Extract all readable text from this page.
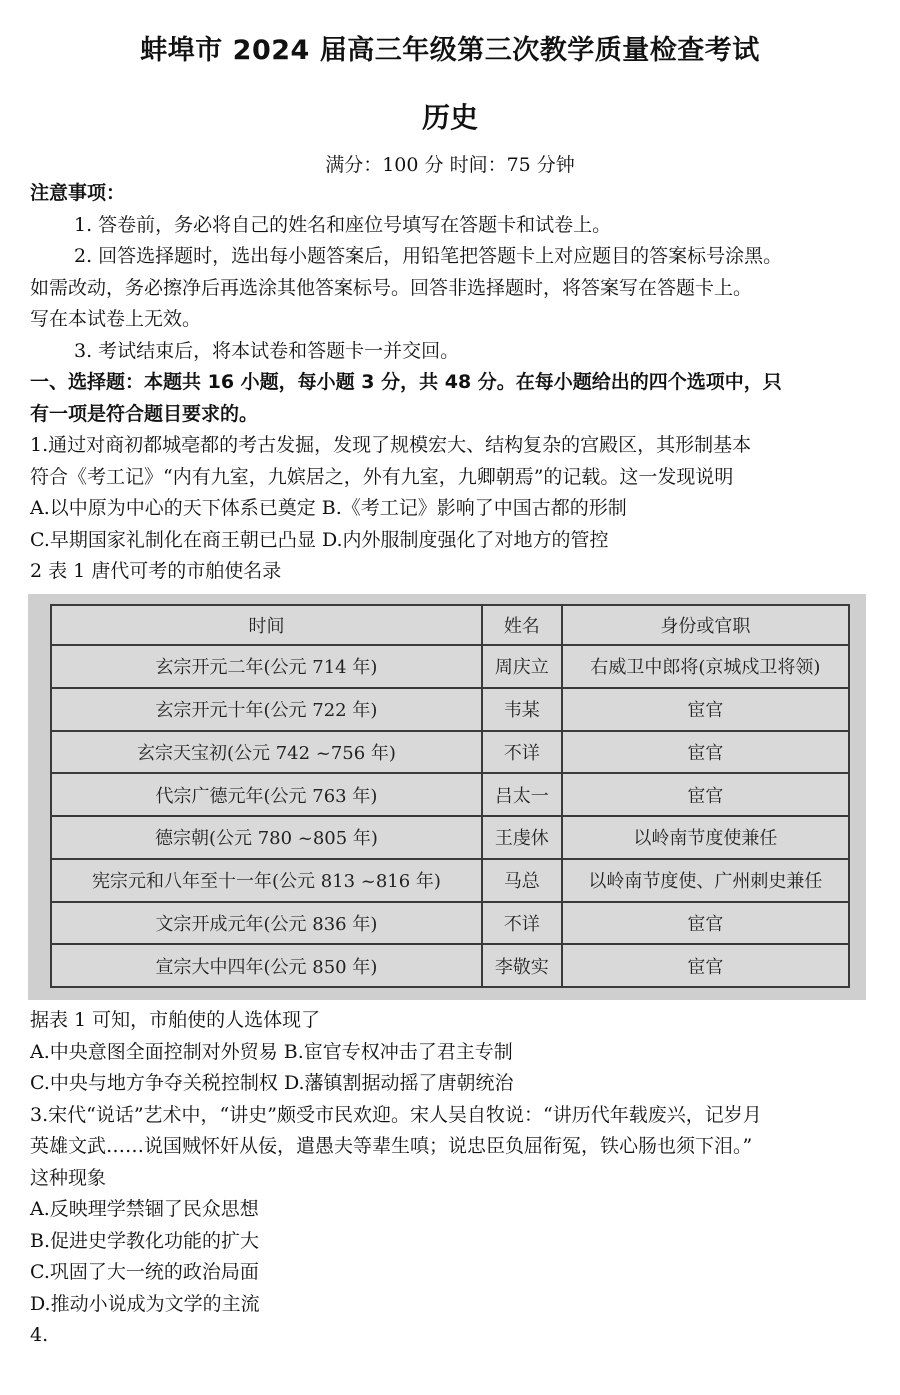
蚌埠市 2024 届高三年级第三次教学质量检查考试
历史
满分：100 分 时间：75 分钟
注意事项：
1. 答卷前，务必将自己的姓名和座位号填写在答题卡和试卷上。
2. 回答选择题时，选出每小题答案后，用铅笔把答题卡上对应题目的答案标号涂黑。
如需改动，务必擦净后再选涂其他答案标号。回答非选择题时，将答案写在答题卡上。
写在本试卷上无效。
3. 考试结束后，将本试卷和答题卡一并交回。
一、选择题：本题共 16 小题，每小题 3 分，共 48 分。在每小题给出的四个选项中，只
有一项是符合题目要求的。
1.通过对商初都城亳都的考古发掘，发现了规模宏大、结构复杂的宫殿区，其形制基本
符合《考工记》“内有九室，九嫔居之，外有九室，九卿朝焉”的记载。这一发现说明
A.以中原为中心的天下体系已奠定 B.《考工记》影响了中国古都的形制
C.早期国家礼制化在商王朝已凸显 D.内外服制度强化了对地方的管控
2 表 1 唐代可考的市舶使名录
时间	姓名	身份或官职
玄宗开元二年(公元 714 年)	周庆立	右威卫中郎将(京城戍卫将领)
玄宗开元十年(公元 722 年)	韦某	宦官
玄宗天宝初(公元 742 ~756 年)	不详	宦官
代宗广德元年(公元 763 年)	吕太一	宦官
德宗朝(公元 780 ~805 年)	王虔休	以岭南节度使兼任
宪宗元和八年至十一年(公元 813 ~816 年)	马总	以岭南节度使、广州刺史兼任
文宗开成元年(公元 836 年)	不详	宦官
宣宗大中四年(公元 850 年)	李敬实	宦官
据表 1 可知，市舶使的人选体现了
A.中央意图全面控制对外贸易 B.宦官专权冲击了君主专制
C.中央与地方争夺关税控制权 D.藩镇割据动摇了唐朝统治
3.宋代“说话”艺术中，“讲史”颇受市民欢迎。宋人吴自牧说：“讲历代年载废兴，记岁月
英雄文武……说国贼怀奸从佞，遣愚夫等辈生嗔；说忠臣负屈衔冤，铁心肠也须下泪。”
这种现象
A.反映理学禁锢了民众思想
B.促进史学教化功能的扩大
C.巩固了大一统的政治局面
D.推动小说成为文学的主流
4.
